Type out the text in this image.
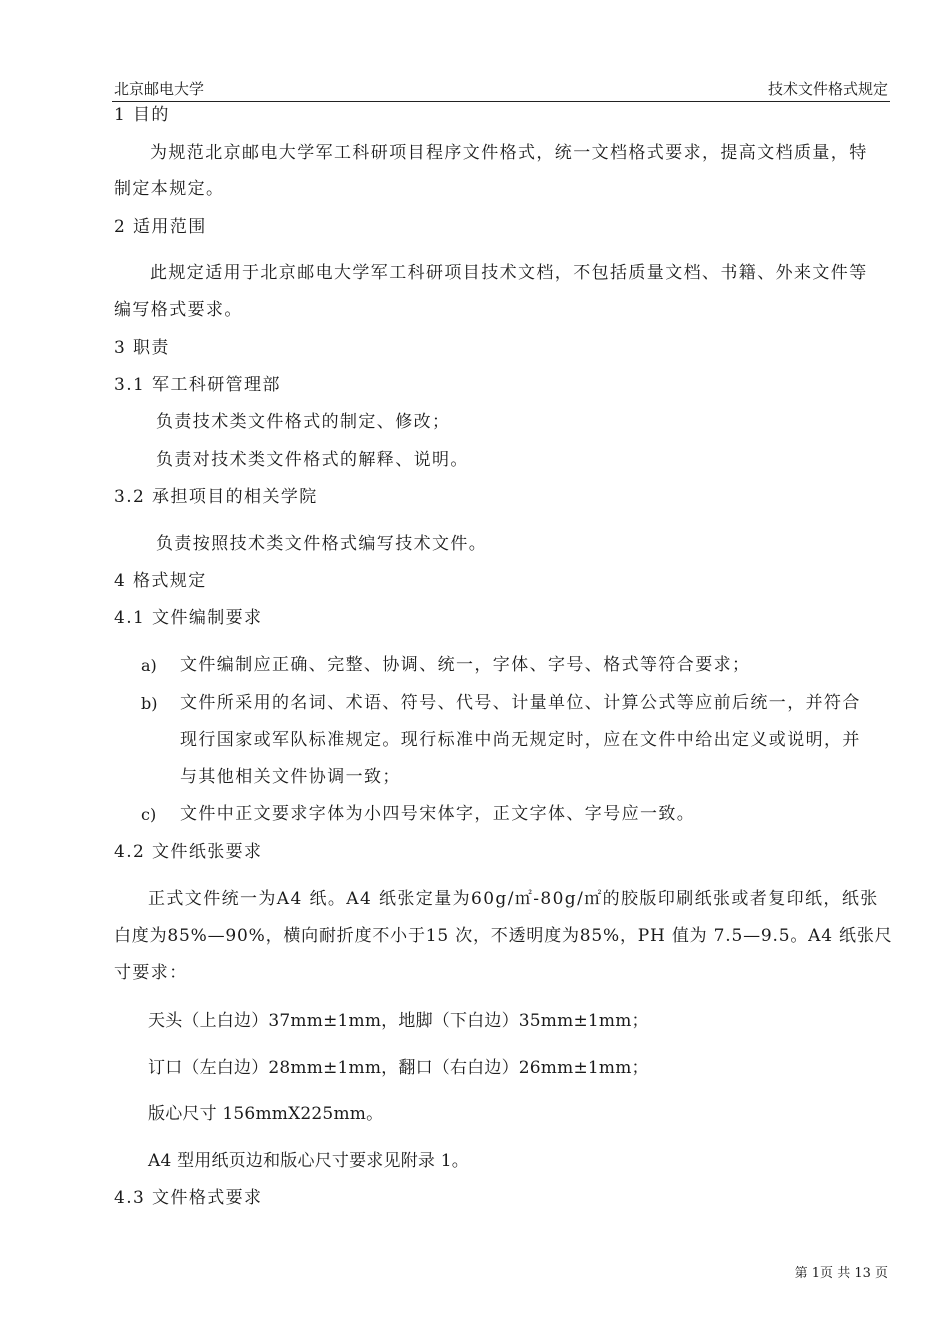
北京邮电大学	技术文件格式规定
1 目的
为规范北京邮电大学军工科研项目程序文件格式，统一文档格式要求，提高文档质量，特
制定本规定。
2 适用范围
此规定适用于北京邮电大学军工科研项目技术文档，不包括质量文档、书籍、外来文件等
编写格式要求。
3 职责
3.1 军工科研管理部
负责技术类文件格式的制定、修改；
负责对技术类文件格式的解释、说明。
3.2 承担项目的相关学院
负责按照技术类文件格式编写技术文件。
4 格式规定
4.1 文件编制要求
a) 文件编制应正确、完整、协调、统一，字体、字号、格式等符合要求；
b) 文件所采用的名词、术语、符号、代号、计量单位、计算公式等应前后统一，并符合
现行国家或军队标准规定。现行标准中尚无规定时，应在文件中给出定义或说明，并
与其他相关文件协调一致；
c) 文件中正文要求字体为小四号宋体字，正文字体、字号应一致。
4.2 文件纸张要求
正式文件统一为A4 纸。A4 纸张定量为60g/㎡-80g/㎡的胶版印刷纸张或者复印纸，纸张
白度为85%—90%，横向耐折度不小于15 次，不透明度为85%，PH 值为 7.5—9.5。A4 纸张尺
寸要求：
天头（上白边）37mm±1mm，地脚（下白边）35mm±1mm；
订口（左白边）28mm±1mm，翻口（右白边）26mm±1mm；
版心尺寸 156mmX225mm。
A4 型用纸页边和版心尺寸要求见附录 1。
4.3 文件格式要求
第 1页 共 13 页
